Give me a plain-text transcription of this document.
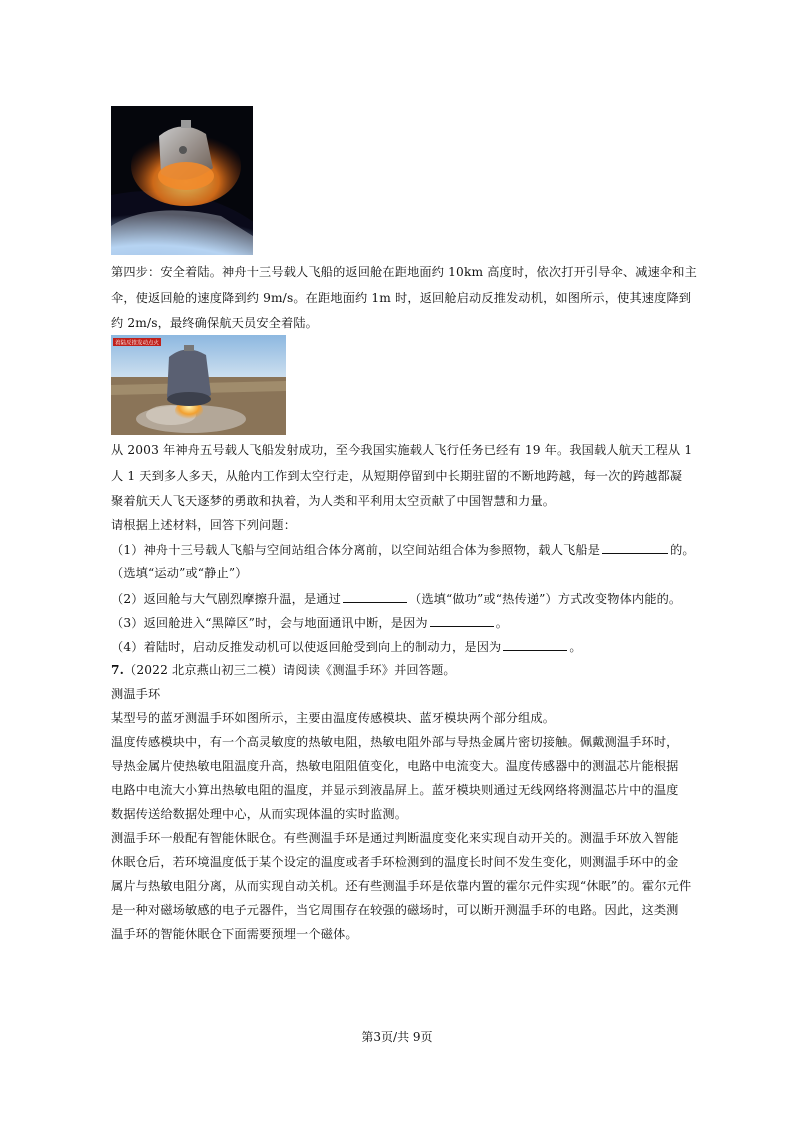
第四步：安全着陆。神舟十三号载人飞船的返回舱在距地面约 10km 高度时，依次打开引导伞、减速伞和主
伞，使返回舱的速度降到约 9m/s。在距地面约 1m 时，返回舱启动反推发动机，如图所示，使其速度降到
约 2m/s，最终确保航天员安全着陆。
着陆反推发动点火
从 2003 年神舟五号载人飞船发射成功，至今我国实施载人飞行任务已经有 19 年。我国载人航天工程从 1
人 1 天到多人多天，从舱内工作到太空行走，从短期停留到中长期驻留的不断地跨越，每一次的跨越都凝
聚着航天人飞天逐梦的勇敢和执着，为人类和平利用太空贡献了中国智慧和力量。
请根据上述材料，回答下列问题：
（1）神舟十三号载人飞船与空间站组合体分离前，以空间站组合体为参照物，载人飞船是	的。
（选填“运动”或“静止”）
（2）返回舱与大气剧烈摩擦升温，是通过	（选填“做功”或“热传递”）方式改变物体内能的。
（3）返回舱进入“黑障区”时，会与地面通讯中断，是因为	。
（4）着陆时，启动反推发动机可以使返回舱受到向上的制动力，是因为	。
7.（2022 北京燕山初三二模）请阅读《测温手环》并回答题。
测温手环
某型号的蓝牙测温手环如图所示，主要由温度传感模块、蓝牙模块两个部分组成。
温度传感模块中，有一个高灵敏度的热敏电阻，热敏电阻外部与导热金属片密切接触。佩戴测温手环时，
导热金属片使热敏电阻温度升高，热敏电阻阻值变化，电路中电流变大。温度传感器中的测温芯片能根据
电路中电流大小算出热敏电阻的温度，并显示到液晶屏上。蓝牙模块则通过无线网络将测温芯片中的温度
数据传送给数据处理中心，从而实现体温的实时监测。
测温手环一般配有智能休眠仓。有些测温手环是通过判断温度变化来实现自动开关的。测温手环放入智能
休眠仓后，若环境温度低于某个设定的温度或者手环检测到的温度长时间不发生变化，则测温手环中的金
属片与热敏电阻分离，从而实现自动关机。还有些测温手环是依靠内置的霍尔元件实现“休眠”的。霍尔元件
是一种对磁场敏感的电子元器件，当它周围存在较强的磁场时，可以断开测温手环的电路。因此，这类测
温手环的智能休眠仓下面需要预埋一个磁体。
第3页/共 9页
